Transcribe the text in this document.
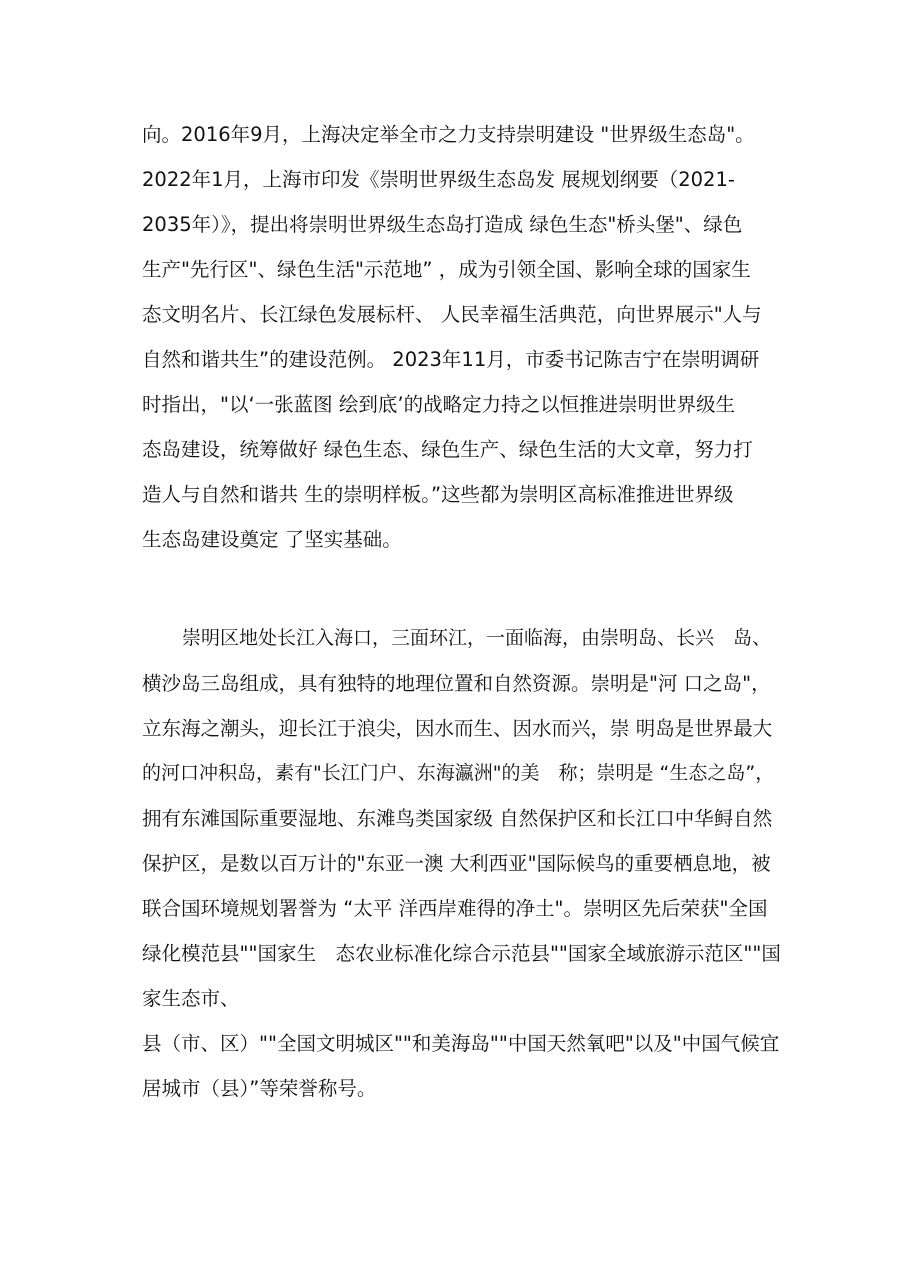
向。2016年9月，上海决定举全市之力支持崇明建设 "世界级生态岛"。
2022年1月，上海市印发《崇明世界级生态岛发 展规划纲要（2021-
2035年）》，提出将崇明世界级生态岛打造成 绿色生态"桥头堡"、绿色
生产"先行区"、绿色生活"示范地” ，成为引领全国、影响全球的国家生
态文明名片、长江绿色发展标杆、 人民幸福生活典范，向世界展示"人与
自然和谐共生”的建设范例。 2023年11月，市委书记陈吉宁在崇明调研
时指出，"以‘一张蓝图 绘到底’的战略定力持之以恒推进崇明世界级生
态岛建设，统筹做好 绿色生态、绿色生产、绿色生活的大文章，努力打
造人与自然和谐共 生的崇明样板。”这些都为崇明区高标准推进世界级
生态岛建设奠定 了坚实基础。
崇明区地处长江入海口，三面环江，一面临海，由崇明岛、长兴　岛、
横沙岛三岛组成，具有独特的地理位置和自然资源。崇明是"河 口之岛"，
立东海之潮头，迎长江于浪尖，因水而生、因水而兴，崇 明岛是世界最大
的河口冲积岛，素有"长江门户、东海瀛洲"的美　称；崇明是 “生态之岛”，
拥有东滩国际重要湿地、东滩鸟类国家级 自然保护区和长江口中华鲟自然
保护区，是数以百万计的"东亚一澳 大利西亚"国际候鸟的重要栖息地，被
联合国环境规划署誉为 “太平 洋西岸难得的净土"。崇明区先后荣获"全国
绿化模范县""国家生　态农业标准化综合示范县""国家全域旅游示范区""国
家生态市、
县（市、区）""全国文明城区""和美海岛""中国天然氧吧"以及"中国气候宜
居城市（县）”等荣誉称号。
